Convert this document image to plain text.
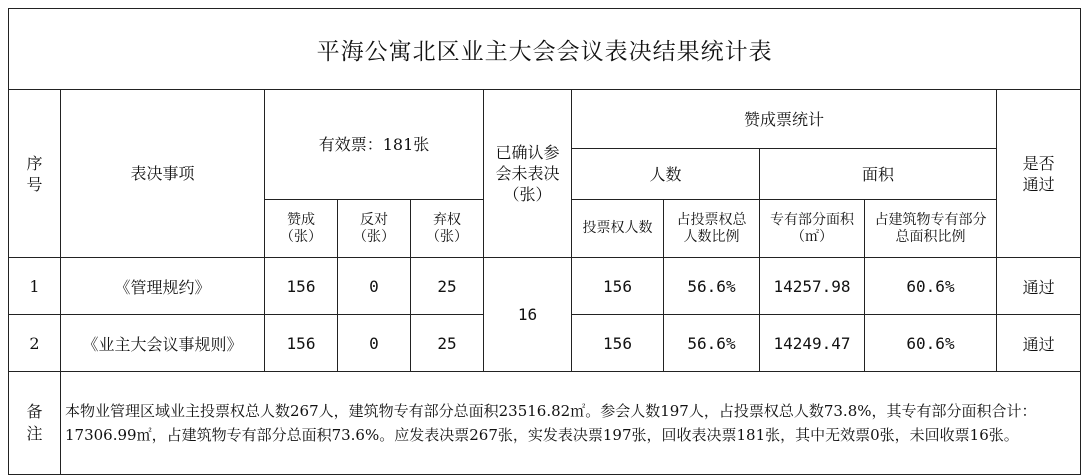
平海公寓北区业主大会会议表决结果统计表										

序号	表决事项	有效票：181张			已确认参会未表决（张）	赞成票统计				是否通过

						人数		面积		

		赞成（张）	反对（张）	弃权（张）		投票权人数	占投票权总人数比例	专有部分面积（㎡）	占建筑物专有部分总面积比例	

1	《管理规约》	156	0	25	16	156	56.6%	14257.98	60.6%	通过
2	《业主大会议事规则》	156	0	25		156	56.6%	14249.47	60.6%	通过

备注	本物业管理区域业主投票权总人数267人，建筑物专有部分总面积23516.82㎡。参会人数197人，占投票权总人数73.8%，其专有部分面积合计：17306.99㎡，占建筑物专有部分总面积73.6%。应发表决票267张，实发表决票197张，回收表决票181张，其中无效票0张，未回收票16张。									
